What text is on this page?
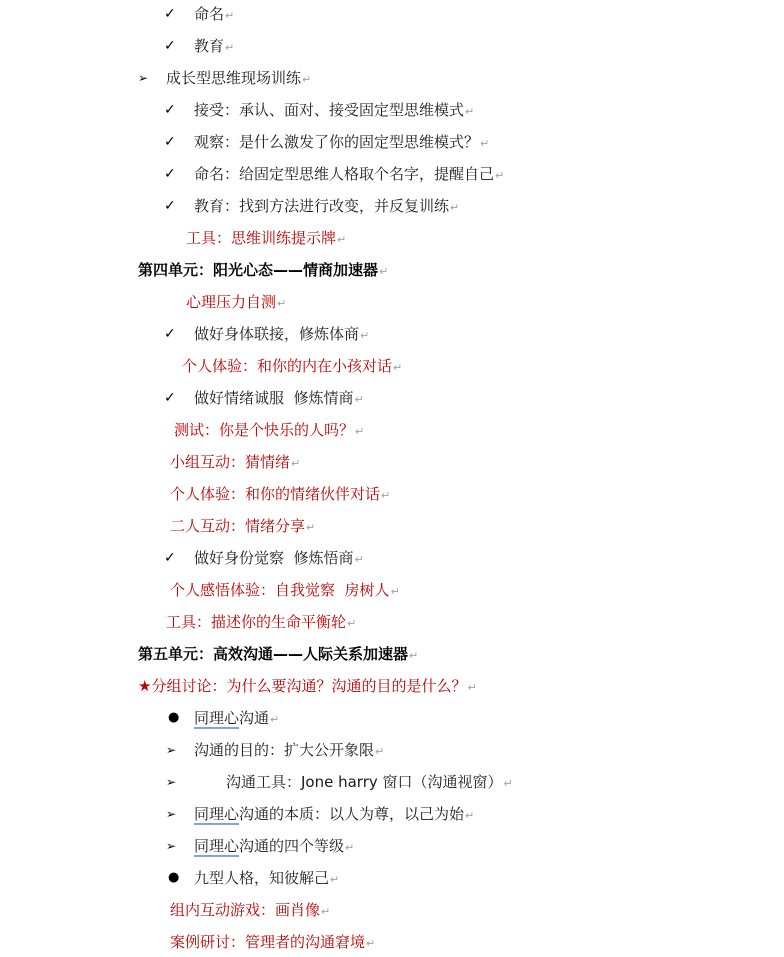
✓ 命名↵
✓ 教育↵
➢ 成长型思维现场训练↵
✓ 接受：承认、面对、接受固定型思维模式↵
✓ 观察：是什么激发了你的固定型思维模式？↵
✓ 命名：给固定型思维人格取个名字，提醒自己↵
✓ 教育：找到方法进行改变，并反复训练↵
工具：思维训练提示牌↵
第四单元：阳光心态——情商加速器↵
心理压力自测↵
✓ 做好身体联接，修炼体商↵
个人体验：和你的内在小孩对话↵
✓ 做好情绪诚服  修炼情商↵
测试：你是个快乐的人吗？↵
小组互动：猜情绪↵
个人体验：和你的情绪伙伴对话↵
二人互动：情绪分享↵
✓ 做好身份觉察  修炼悟商↵
个人感悟体验：自我觉察  房树人↵
工具：描述你的生命平衡轮↵
第五单元：高效沟通——人际关系加速器↵
★分组讨论：为什么要沟通？沟通的目的是什么？↵
● 同理心沟通↵
➢ 沟通的目的：扩大公开象限↵
➢	沟通工具：Jone harry 窗口（沟通视窗）↵
➢ 同理心沟通的本质：以人为尊，以己为始↵
➢ 同理心沟通的四个等级↵
● 九型人格，知彼解己↵
组内互动游戏：画肖像↵
案例研讨：管理者的沟通窘境↵
